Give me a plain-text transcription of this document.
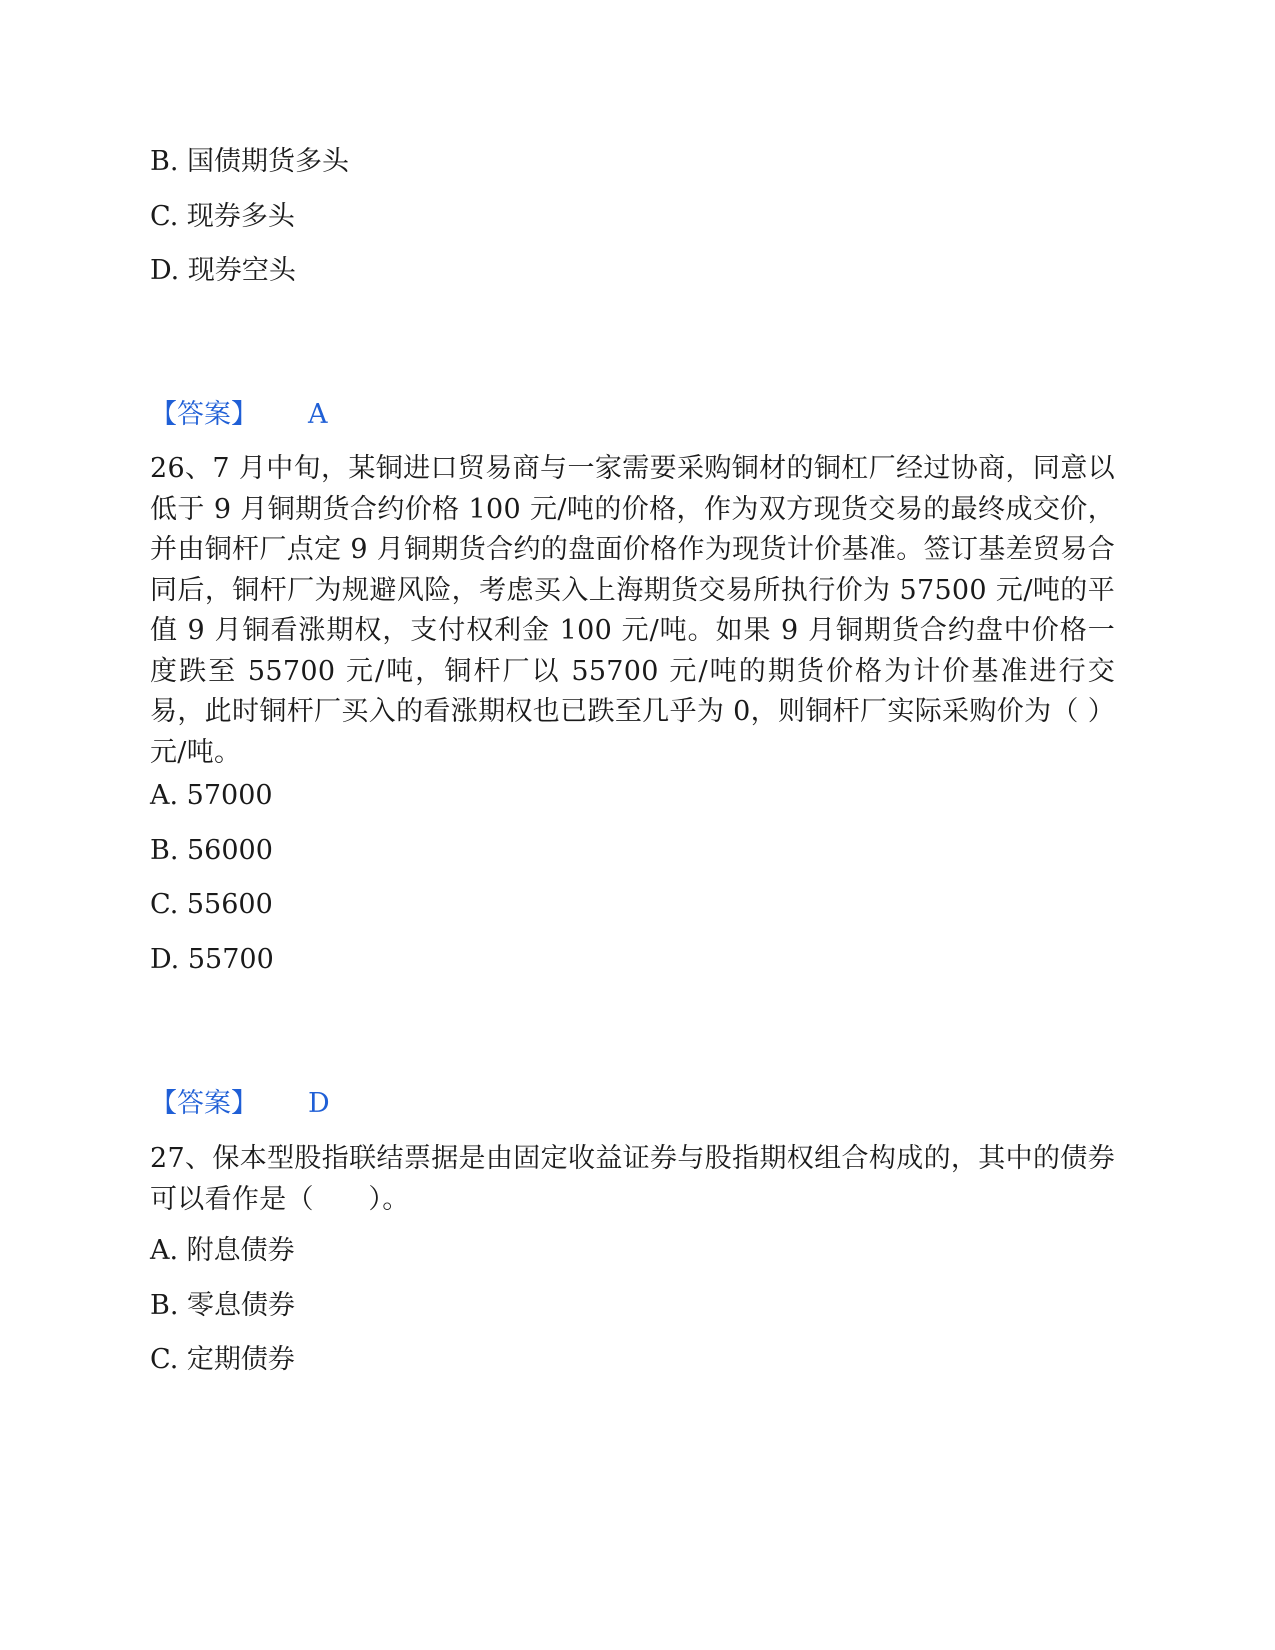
B. 国债期货多头
C. 现券多头
D. 现券空头
【答案】 A
26、7 月中旬，某铜进口贸易商与一家需要采购铜材的铜杠厂经过协商，同意以低于 9 月铜期货合约价格 100 元/吨的价格，作为双方现货交易的最终成交价，并由铜杆厂点定 9 月铜期货合约的盘面价格作为现货计价基准。签订基差贸易合同后，铜杆厂为规避风险，考虑买入上海期货交易所执行价为 57500 元/吨的平值 9 月铜看涨期权，支付权利金 100 元/吨。如果 9 月铜期货合约盘中价格一度跌至 55700 元/吨，铜杆厂以 55700 元/吨的期货价格为计价基准进行交易，此时铜杆厂买入的看涨期权也已跌至几乎为 0，则铜杆厂实际采购价为（ ）元/吨。
A. 57000
B. 56000
C. 55600
D. 55700
【答案】 D
27、保本型股指联结票据是由固定收益证券与股指期权组合构成的，其中的债券可以看作是（　　）。
A. 附息债券
B. 零息债券
C. 定期债券
